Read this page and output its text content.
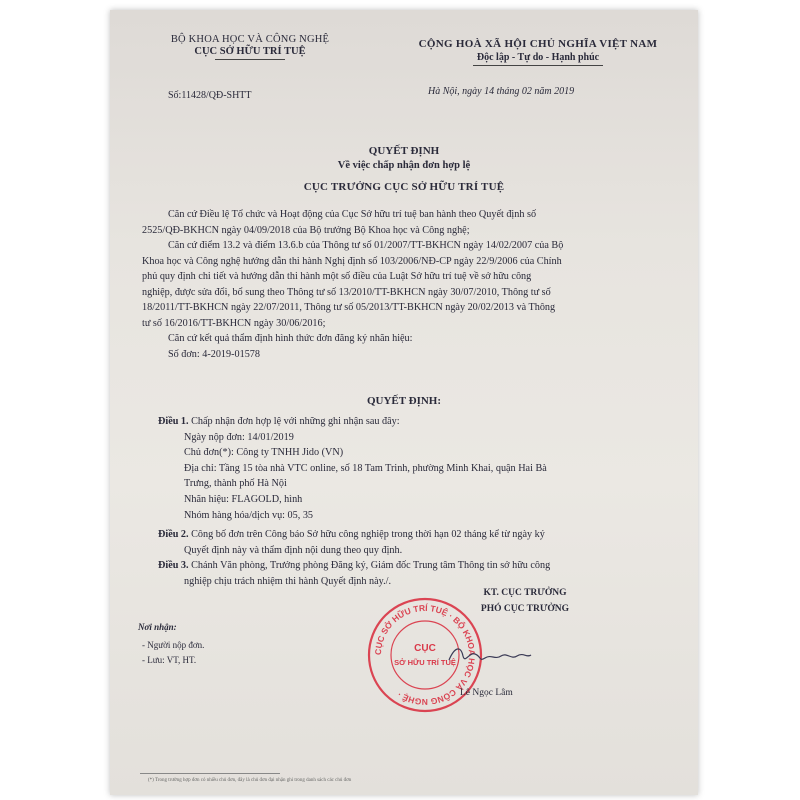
BỘ KHOA HỌC VÀ CÔNG NGHỆ
CỤC SỞ HỮU TRÍ TUỆ
CỘNG HOÀ XÃ HỘI CHỦ NGHĨA VIỆT NAM
Độc lập - Tự do - Hạnh phúc
Số:11428/QĐ-SHTT	Hà Nội, ngày 14 tháng 02 năm 2019
QUYẾT ĐỊNH
Về việc chấp nhận đơn hợp lệ
CỤC TRƯỞNG CỤC SỞ HỮU TRÍ TUỆ
Căn cứ Điều lệ Tổ chức và Hoạt động của Cục Sở hữu trí tuệ ban hành theo Quyết định số
2525/QĐ-BKHCN ngày 04/09/2018 của Bộ trưởng Bộ Khoa học và Công nghệ;
Căn cứ điểm 13.2 và điểm 13.6.b của Thông tư số 01/2007/TT-BKHCN ngày 14/02/2007 của Bộ
Khoa học và Công nghệ hướng dẫn thi hành Nghị định số 103/2006/NĐ-CP ngày 22/9/2006 của Chính
phủ quy định chi tiết và hướng dẫn thi hành một số điều của Luật Sở hữu trí tuệ về sở hữu công
nghiệp, được sửa đổi, bổ sung theo Thông tư số 13/2010/TT-BKHCN ngày 30/07/2010, Thông tư số
18/2011/TT-BKHCN ngày 22/07/2011, Thông tư số 05/2013/TT-BKHCN ngày 20/02/2013 và Thông
tư số 16/2016/TT-BKHCN ngày 30/06/2016;
Căn cứ kết quả thẩm định hình thức đơn đăng ký nhãn hiệu:
Số đơn: 4-2019-01578
QUYẾT ĐỊNH:
Điều 1. Chấp nhận đơn hợp lệ với những ghi nhận sau đây:
Ngày nộp đơn: 14/01/2019
Chủ đơn(*): Công ty TNHH Jido (VN)
Địa chỉ: Tầng 15 tòa nhà VTC online, số 18 Tam Trinh, phường Minh Khai, quận Hai Bà
Trưng, thành phố Hà Nội
Nhãn hiệu: FLAGOLD, hình
Nhóm hàng hóa/dịch vụ: 05, 35
Điều 2. Công bố đơn trên Công báo Sở hữu công nghiệp trong thời hạn 02 tháng kể từ ngày ký
Quyết định này và thẩm định nội dung theo quy định.
Điều 3. Chánh Văn phòng, Trưởng phòng Đăng ký, Giám đốc Trung tâm Thông tin sở hữu công
nghiệp chịu trách nhiệm thi hành Quyết định này./.
KT. CỤC TRƯỞNG
PHÓ CỤC TRƯỞNG
CỤC SỞ HỮU TRÍ TUỆ · BỘ KHOA HỌC VÀ CÔNG NGHỆ ·
CỤC
SỞ HỮU TRÍ TUỆ
Lê Ngọc Lâm
Nơi nhận:
- Người nộp đơn.
- Lưu: VT, HT.
(*) Trong trường hợp đơn có nhiều chủ đơn, đây là chủ đơn đại nhận ghi trong danh sách các chủ đơn
